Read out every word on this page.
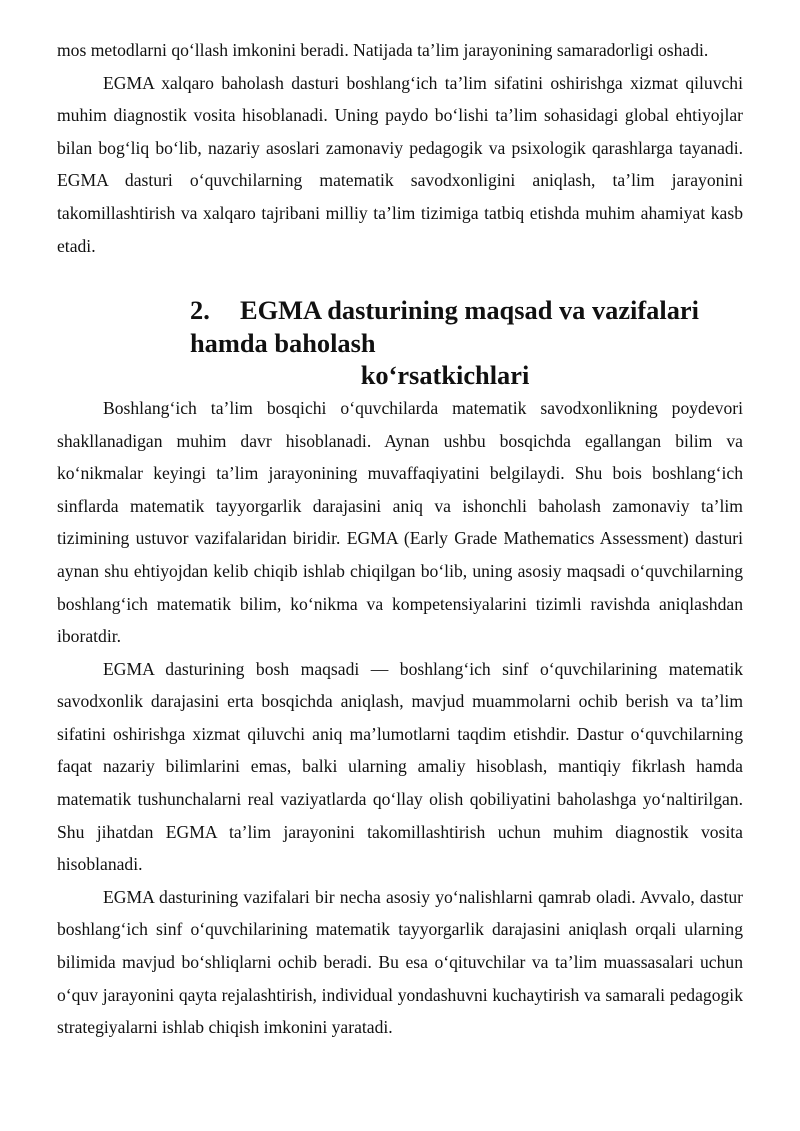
mos metodlarni qo‘llash imkonini beradi. Natijada ta’lim jarayonining samaradorligi oshadi.

EGMA xalqaro baholash dasturi boshlang‘ich ta’lim sifatini oshirishga xizmat qiluvchi muhim diagnostik vosita hisoblanadi. Uning paydo bo‘lishi ta’lim sohasidagi global ehtiyojlar bilan bog‘liq bo‘lib, nazariy asoslari zamonaviy pedagogik va psixologik qarashlarga tayanadi. EGMA dasturi o‘quvchilarning matematik savodxonligini aniqlash, ta’lim jarayonini takomillashtirish va xalqaro tajribani milliy ta’lim tizimiga tatbiq etishda muhim ahamiyat kasb etadi.

2. EGMA dasturining maqsad va vazifalari hamda baholash
ko‘rsatkichlari

Boshlang‘ich ta’lim bosqichi o‘quvchilarda matematik savodxonlikning poydevori shakllanadigan muhim davr hisoblanadi. Aynan ushbu bosqichda egallangan bilim va ko‘nikmalar keyingi ta’lim jarayonining muvaffaqiyatini belgilaydi. Shu bois boshlang‘ich sinflarda matematik tayyorgarlik darajasini aniq va ishonchli baholash zamonaviy ta’lim tizimining ustuvor vazifalaridan biridir. EGMA (Early Grade Mathematics Assessment) dasturi aynan shu ehtiyojdan kelib chiqib ishlab chiqilgan bo‘lib, uning asosiy maqsadi o‘quvchilarning boshlang‘ich matematik bilim, ko‘nikma va kompetensiyalarini tizimli ravishda aniqlashdan iboratdir.

EGMA dasturining bosh maqsadi — boshlang‘ich sinf o‘quvchilarining matematik savodxonlik darajasini erta bosqichda aniqlash, mavjud muammolarni ochib berish va ta’lim sifatini oshirishga xizmat qiluvchi aniq ma’lumotlarni taqdim etishdir. Dastur o‘quvchilarning faqat nazariy bilimlarini emas, balki ularning amaliy hisoblash, mantiqiy fikrlash hamda matematik tushunchalarni real vaziyatlarda qo‘llay olish qobiliyatini baholashga yo‘naltirilgan. Shu jihatdan EGMA ta’lim jarayonini takomillashtirish uchun muhim diagnostik vosita hisoblanadi.

EGMA dasturining vazifalari bir necha asosiy yo‘nalishlarni qamrab oladi. Avvalo, dastur boshlang‘ich sinf o‘quvchilarining matematik tayyorgarlik darajasini aniqlash orqali ularning bilimida mavjud bo‘shliqlarni ochib beradi. Bu esa o‘qituvchilar va ta’lim muassasalari uchun o‘quv jarayonini qayta rejalashtirish, individual yondashuvni kuchaytirish va samarali pedagogik strategiyalarni ishlab chiqish imkonini yaratadi.
